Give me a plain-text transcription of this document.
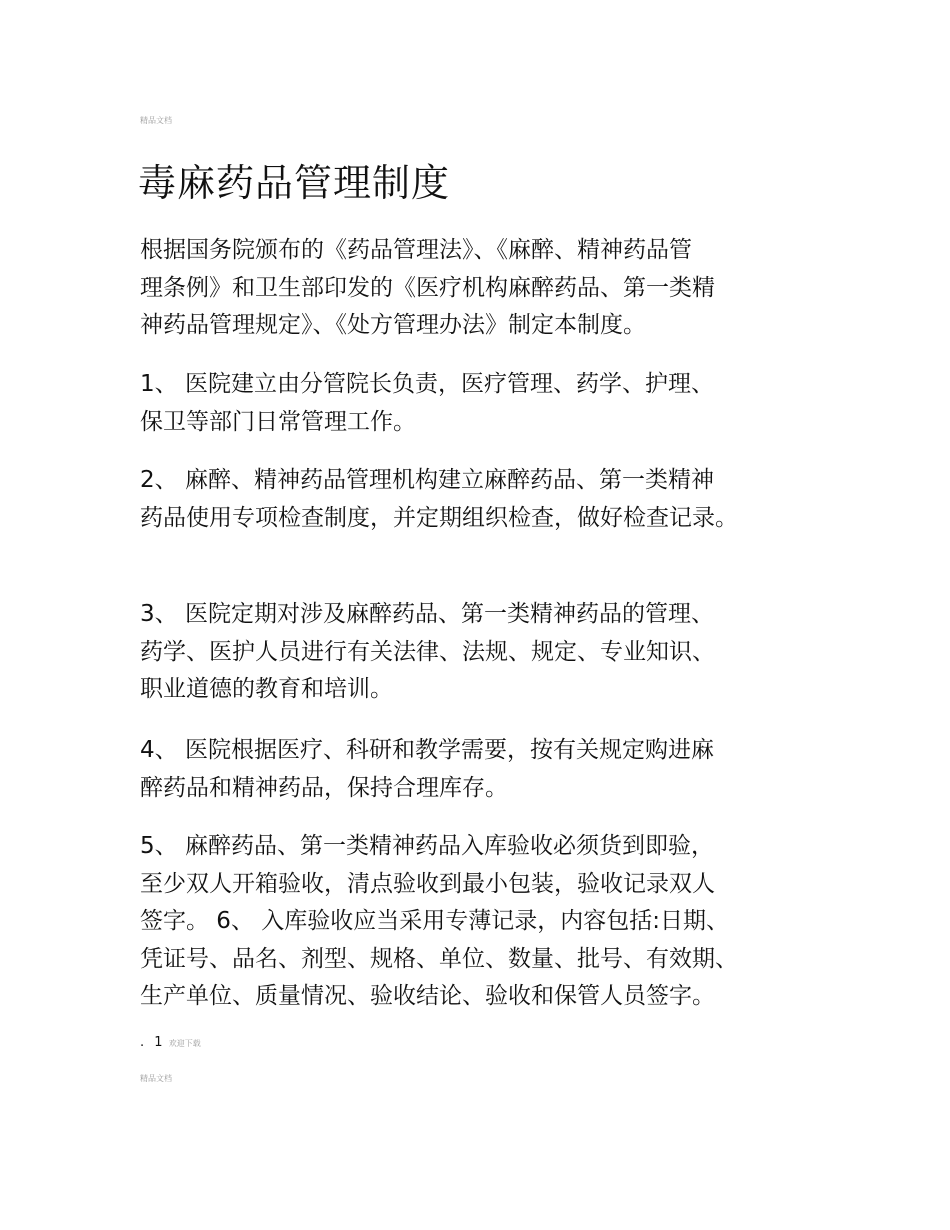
精品文档
毒麻药品管理制度
根据国务院颁布的《药品管理法》、《麻醉、精神药品管
理条例》和卫生部印发的《医疗机构麻醉药品、第一类精
神药品管理规定》、《处方管理办法》制定本制度。
1、 医院建立由分管院长负责，医疗管理、药学、护理、
保卫等部门日常管理工作。
2、 麻醉、精神药品管理机构建立麻醉药品、第一类精神
药品使用专项检查制度，并定期组织检查，做好检查记录。
3、 医院定期对涉及麻醉药品、第一类精神药品的管理、
药学、医护人员进行有关法律、法规、规定、专业知识、
职业道德的教育和培训。
4、 医院根据医疗、科研和教学需要，按有关规定购进麻
醉药品和精神药品，保持合理库存。
5、 麻醉药品、第一类精神药品入库验收必须货到即验，
至少双人开箱验收，清点验收到最小包装，验收记录双人
签字。 6、 入库验收应当采用专薄记录，内容包括:日期、
凭证号、品名、剂型、规格、单位、数量、批号、有效期、
生产单位、质量情况、验收结论、验收和保管人员签字。
. 1 欢迎下载
精品文档
